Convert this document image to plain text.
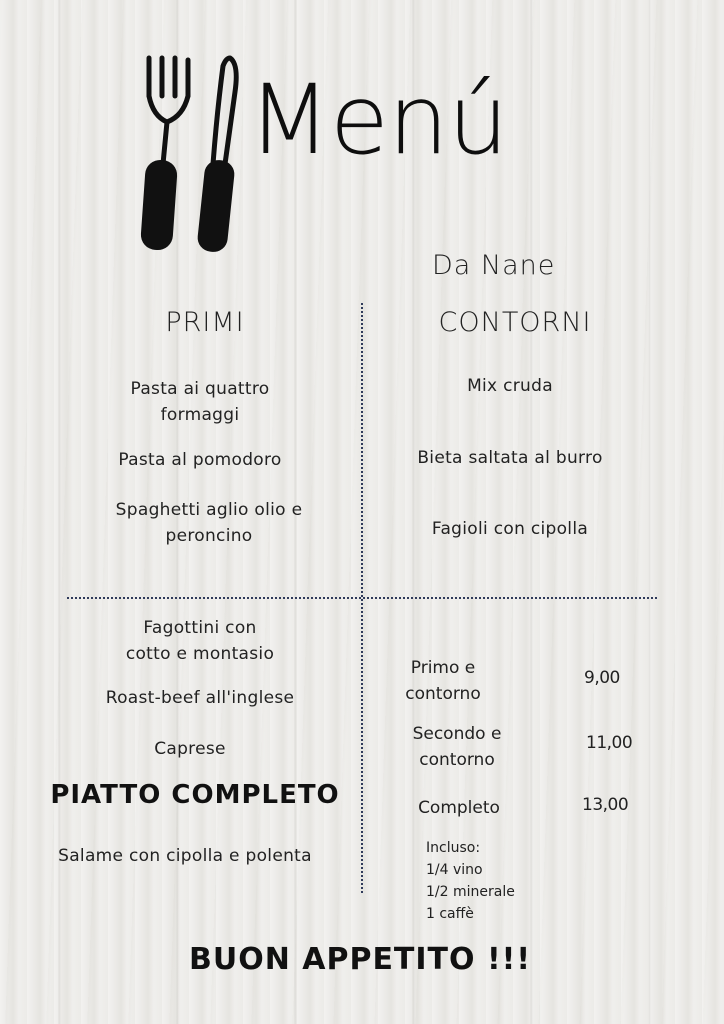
Menú
Da Nane
PRIMI
Pasta ai quattro
formaggi
Pasta al pomodoro
Spaghetti aglio olio e
peroncino
CONTORNI
Mix cruda
Bieta saltata al burro
Fagioli con cipolla
Fagottini con
cotto e montasio
Roast-beef all'inglese
Caprese
PIATTO COMPLETO
Salame con cipolla e polenta
Primo e
contorno
9,00
Secondo e
contorno
11,00
Completo	13,00
Incluso:
1/4 vino
1/2 minerale
1 caffè
BUON APPETITO !!!
